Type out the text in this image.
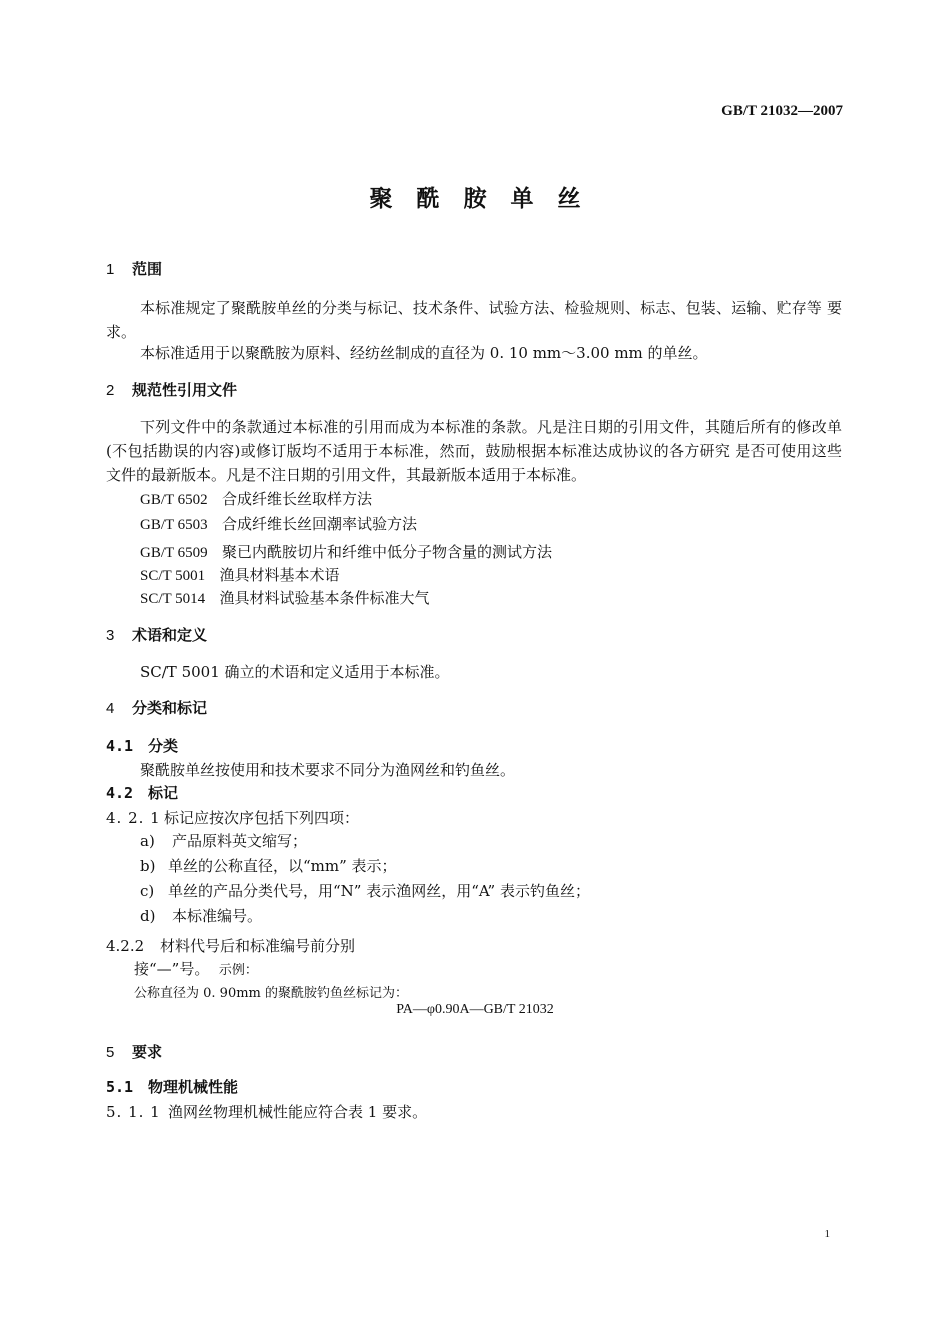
GB/T 21032—2007
聚酰胺单丝
1 范围
本标准规定了聚酰胺单丝的分类与标记、技术条件、试验方法、检验规则、标志、包装、运输、贮存等 要求。
本标准适用于以聚酰胺为原料、经纺丝制成的直径为 0. 10 mm～3.00 mm 的单丝。
2 规范性引用文件
下列文件中的条款通过本标准的引用而成为本标准的条款。凡是注日期的引用文件，其随后所有的修改单(不包括勘误的内容)或修订版均不适用于本标准，然而，鼓励根据本标准达成协议的各方研究 是否可使用这些文件的最新版本。凡是不注日期的引用文件，其最新版本适用于本标准。
GB/T 6502 合成纤维长丝取样方法
GB/T 6503 合成纤维长丝回潮率试验方法
GB/T 6509 聚已内酰胺切片和纤维中低分子物含量的测试方法
SC/T 5001 渔具材料基本术语
SC/T 5014 渔具材料试验基本条件标准大气
3 术语和定义
SC/T 5001 确立的术语和定义适用于本标准。
4 分类和标记
4.1 分类
聚酰胺单丝按使用和技术要求不同分为渔网丝和钓鱼丝。
4.2 标记
4. 2. 1 标记应按次序包括下列四项：
a) 产品原料英文缩写；
b) 单丝的公称直径，以“mm” 表示；
c) 单丝的产品分类代号，用“N” 表示渔网丝，用“A” 表示钓鱼丝；
d) 本标准编号。
4.2.2 材料代号后和标准编号前分别
接“—”号。 示例：
公称直径为 0. 90mm 的聚酰胺钓鱼丝标记为：
PA—φ0.90A—GB/T 21032
5 要求
5.1 物理机械性能
5. 1. 1 渔网丝物理机械性能应符合表 1 要求。
1
